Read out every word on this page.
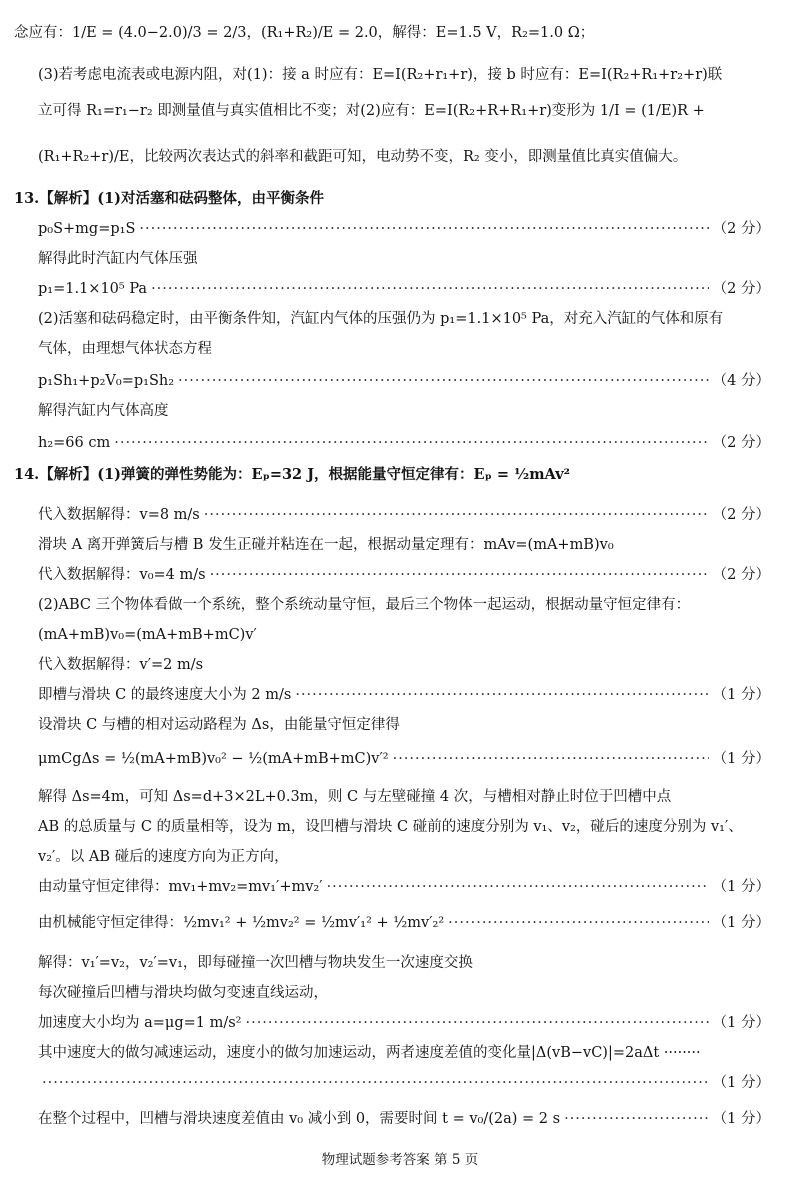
念应有：1/E = (4.0−2.0)/3 = 2/3，(R₁+R₂)/E = 2.0，解得：E=1.5 V，R₂=1.0 Ω；
(3)若考虑电流表或电源内阻，对(1)：接 a 时应有：E=I(R₂+r₁+r)，接 b 时应有：E=I(R₂+R₁+r₂+r)联
立可得 R₁=r₁−r₂ 即测量值与真实值相比不变；对(2)应有：E=I(R₂+R+R₁+r)变形为 1/I = (1/E)R +
(R₁+R₂+r)/E，比较两次表达式的斜率和截距可知，电动势不变，R₂ 变小，即测量值比真实值偏大。
13.【解析】(1)对活塞和砝码整体，由平衡条件
p₀S+mg=p₁S ·····	（2 分）
解得此时汽缸内气体压强
p₁=1.1×10⁵ Pa ·····	（2 分）
(2)活塞和砝码稳定时，由平衡条件知，汽缸内气体的压强仍为 p₁=1.1×10⁵ Pa，对充入汽缸的气体和原有
气体，由理想气体状态方程
p₁Sh₁+p₂V₀=p₁Sh₂ ·····	（4 分）
解得汽缸内气体高度
h₂=66 cm ·····	（2 分）
14.【解析】(1)弹簧的弹性势能为：Eₚ=32 J，根据能量守恒定律有：Eₚ = ½mAv²
代入数据解得：v=8 m/s ·····	（2 分）
滑块 A 离开弹簧后与槽 B 发生正碰并粘连在一起，根据动量定理有：mAv=(mA+mB)v₀
代入数据解得：v₀=4 m/s ·····	（2 分）
(2)ABC 三个物体看做一个系统，整个系统动量守恒，最后三个物体一起运动，根据动量守恒定律有：
(mA+mB)v₀=(mA+mB+mC)v′
代入数据解得：v′=2 m/s
即槽与滑块 C 的最终速度大小为 2 m/s ·····	（1 分）
设滑块 C 与槽的相对运动路程为 Δs，由能量守恒定律得
μmCgΔs = ½(mA+mB)v₀² − ½(mA+mB+mC)v′² ·····	（1 分）
解得 Δs=4m，可知 Δs=d+3×2L+0.3m，则 C 与左壁碰撞 4 次，与槽相对静止时位于凹槽中点
AB 的总质量与 C 的质量相等，设为 m，设凹槽与滑块 C 碰前的速度分别为 v₁、v₂，碰后的速度分别为 v₁′、
v₂′。以 AB 碰后的速度方向为正方向，
由动量守恒定律得：mv₁+mv₂=mv₁′+mv₂′ ·····	（1 分）
由机械能守恒定律得：½mv₁² + ½mv₂² = ½mv′₁² + ½mv′₂² ·····	（1 分）
解得：v₁′=v₂，v₂′=v₁，即每碰撞一次凹槽与物块发生一次速度交换
每次碰撞后凹槽与滑块均做匀变速直线运动，
加速度大小均为 a=μg=1 m/s² ·····	（1 分）
其中速度大的做匀减速运动，速度小的做匀加速运动，两者速度差值的变化量|Δ(vB−vC)|=2aΔt ········
·····
（1 分）
在整个过程中，凹槽与滑块速度差值由 v₀ 减小到 0，需要时间 t = v₀/(2a) = 2 s ·····	（1 分）
物理试题参考答案 第 5 页
